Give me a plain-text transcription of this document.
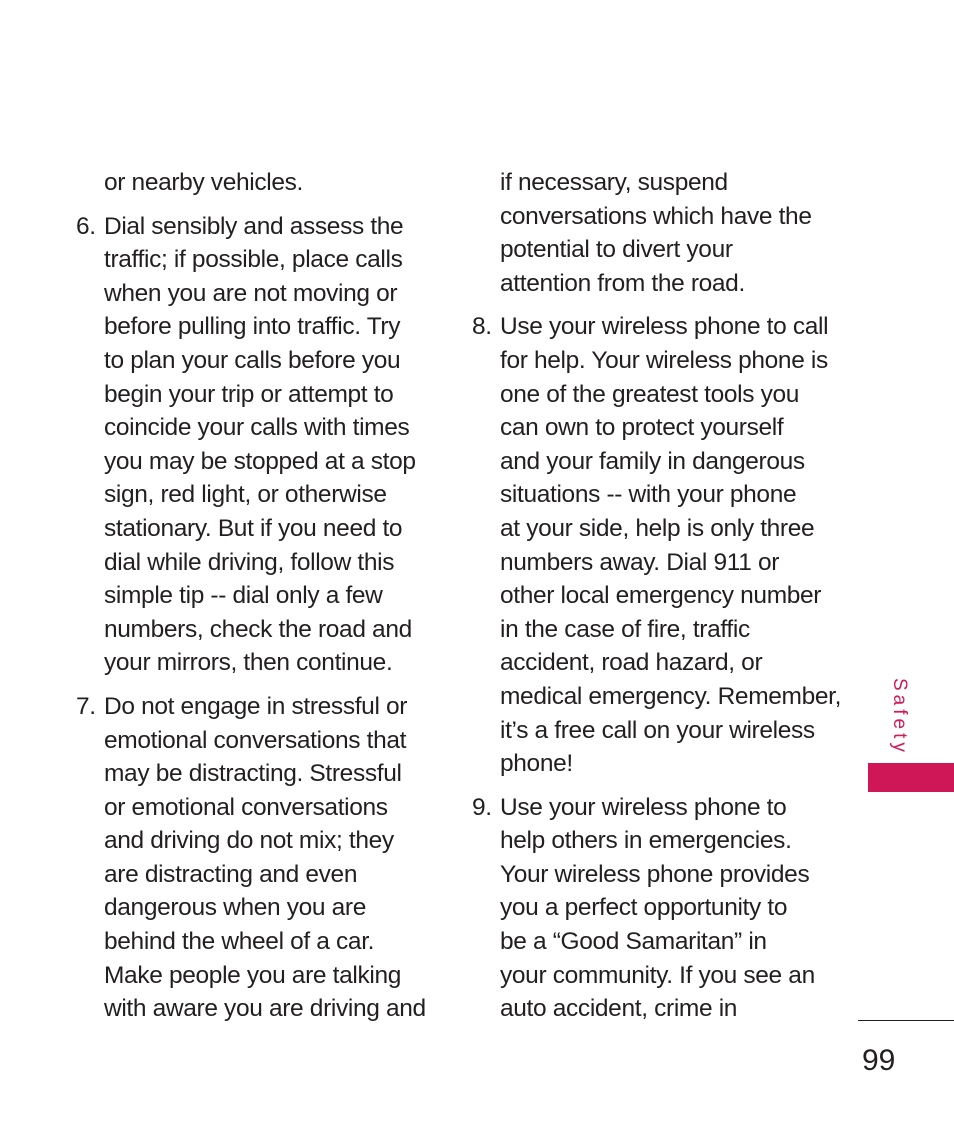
or nearby vehicles.
6. Dial sensibly and assess the
traffic; if possible, place calls
when you are not moving or
before pulling into traffic. Try
to plan your calls before you
begin your trip or attempt to
coincide your calls with times
you may be stopped at a stop
sign, red light, or otherwise
stationary. But if you need to
dial while driving, follow this
simple tip -- dial only a few
numbers, check the road and
your mirrors, then continue.
7. Do not engage in stressful or
emotional conversations that
may be distracting. Stressful
or emotional conversations
and driving do not mix; they
are distracting and even
dangerous when you are
behind the wheel of a car.
Make people you are talking
with aware you are driving and
if necessary, suspend
conversations which have the
potential to divert your
attention from the road.
8. Use your wireless phone to call
for help. Your wireless phone is
one of the greatest tools you
can own to protect yourself
and your family in dangerous
situations -- with your phone
at your side, help is only three
numbers away. Dial 911 or
other local emergency number
in the case of fire, traffic
accident, road hazard, or
medical emergency. Remember,
it’s a free call on your wireless
phone!
9. Use your wireless phone to
help others in emergencies.
Your wireless phone provides
you a perfect opportunity to
be a “Good Samaritan” in
your community. If you see an
auto accident, crime in
Safety
99
